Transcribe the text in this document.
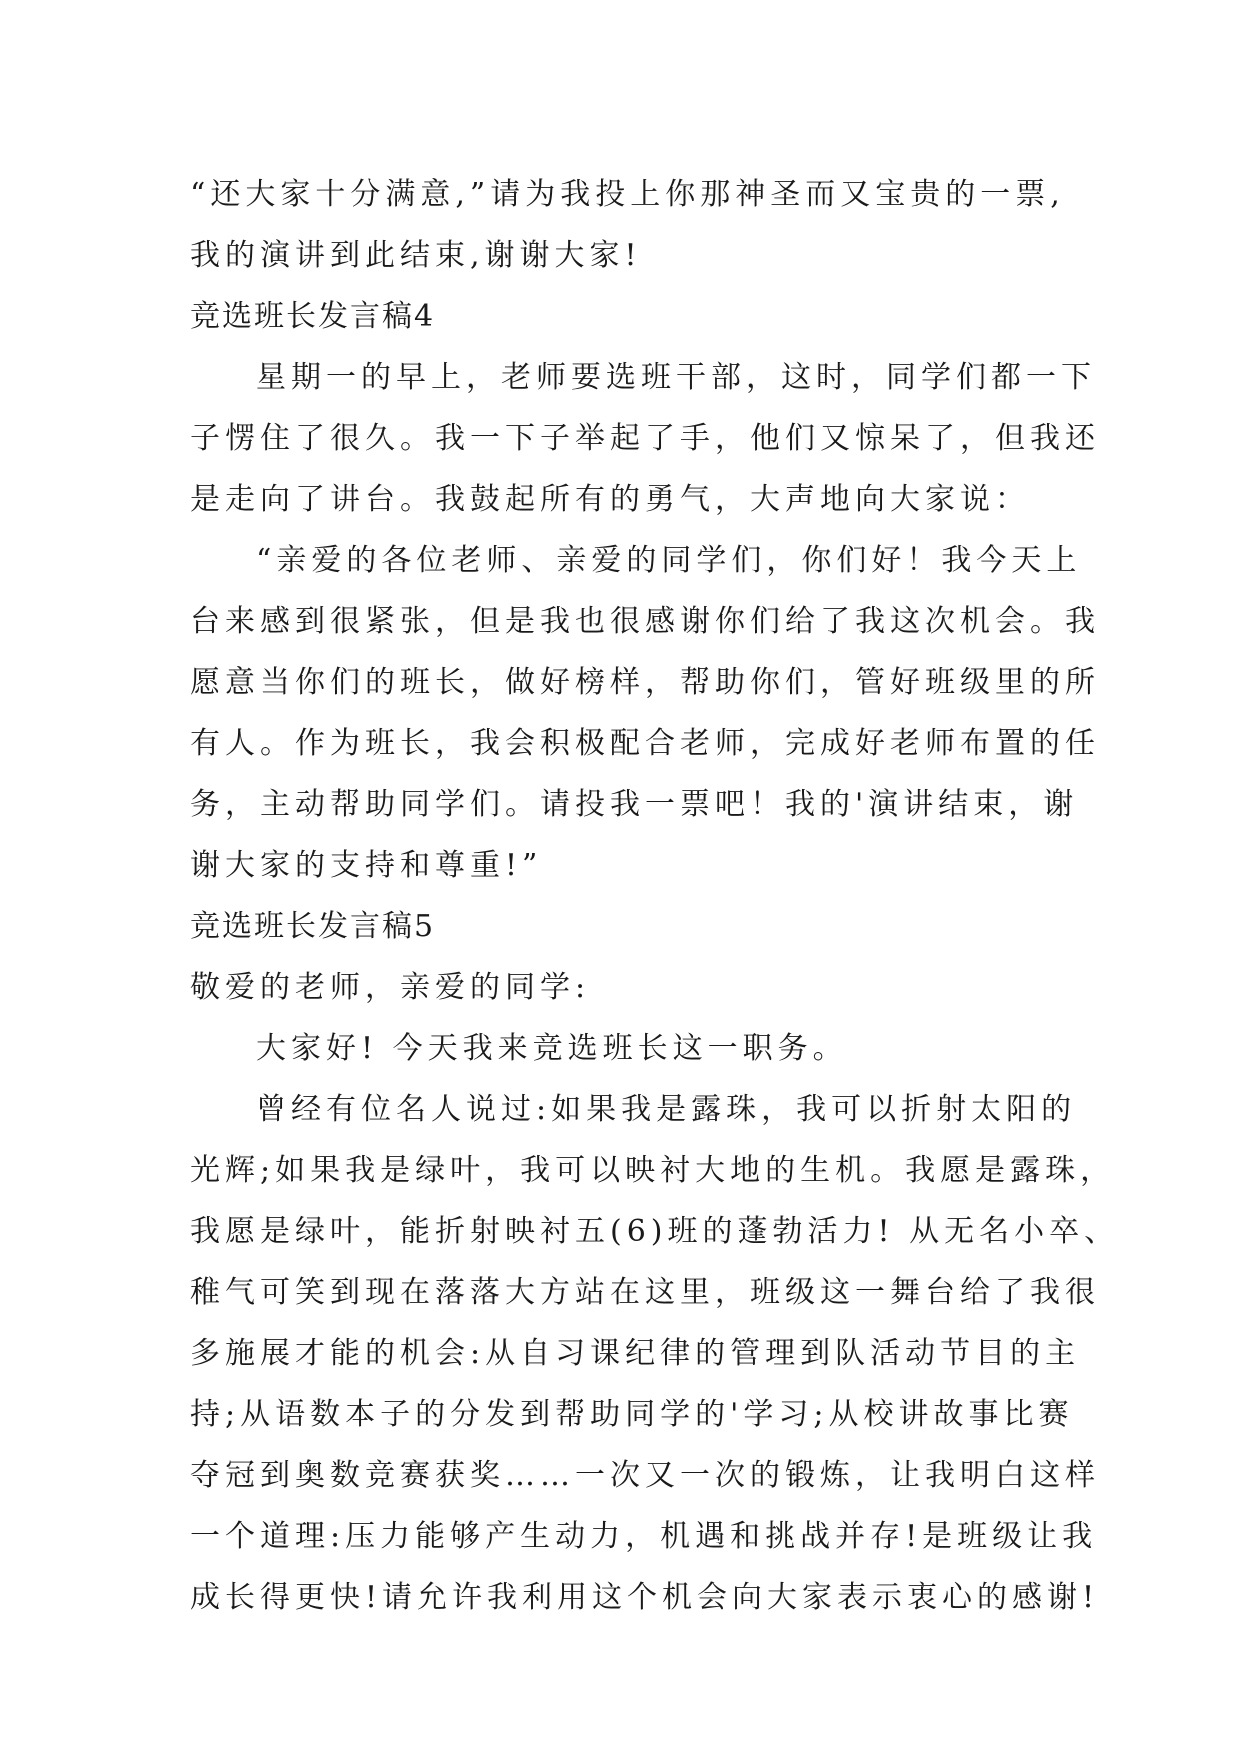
“还大家十分满意,”请为我投上你那神圣而又宝贵的一票,
我的演讲到此结束,谢谢大家!
竞选班长发言稿4
星期一的早上，老师要选班干部，这时，同学们都一下
子愣住了很久。我一下子举起了手，他们又惊呆了，但我还
是走向了讲台。我鼓起所有的勇气，大声地向大家说：
“亲爱的各位老师、亲爱的同学们，你们好！我今天上
台来感到很紧张，但是我也很感谢你们给了我这次机会。我
愿意当你们的班长，做好榜样，帮助你们，管好班级里的所
有人。作为班长，我会积极配合老师，完成好老师布置的任
务，主动帮助同学们。请投我一票吧！我的'演讲结束，谢
谢大家的支持和尊重!”
竞选班长发言稿5
敬爱的老师，亲爱的同学:
大家好! 今天我来竞选班长这一职务。
曾经有位名人说过:如果我是露珠，我可以折射太阳的
光辉;如果我是绿叶，我可以映衬大地的生机。我愿是露珠，
我愿是绿叶，能折射映衬五(6)班的蓬勃活力! 从无名小卒、
稚气可笑到现在落落大方站在这里，班级这一舞台给了我很
多施展才能的机会:从自习课纪律的管理到队活动节目的主
持;从语数本子的分发到帮助同学的'学习;从校讲故事比赛
夺冠到奥数竞赛获奖……一次又一次的锻炼，让我明白这样
一个道理:压力能够产生动力，机遇和挑战并存!是班级让我
成长得更快!请允许我利用这个机会向大家表示衷心的感谢!
